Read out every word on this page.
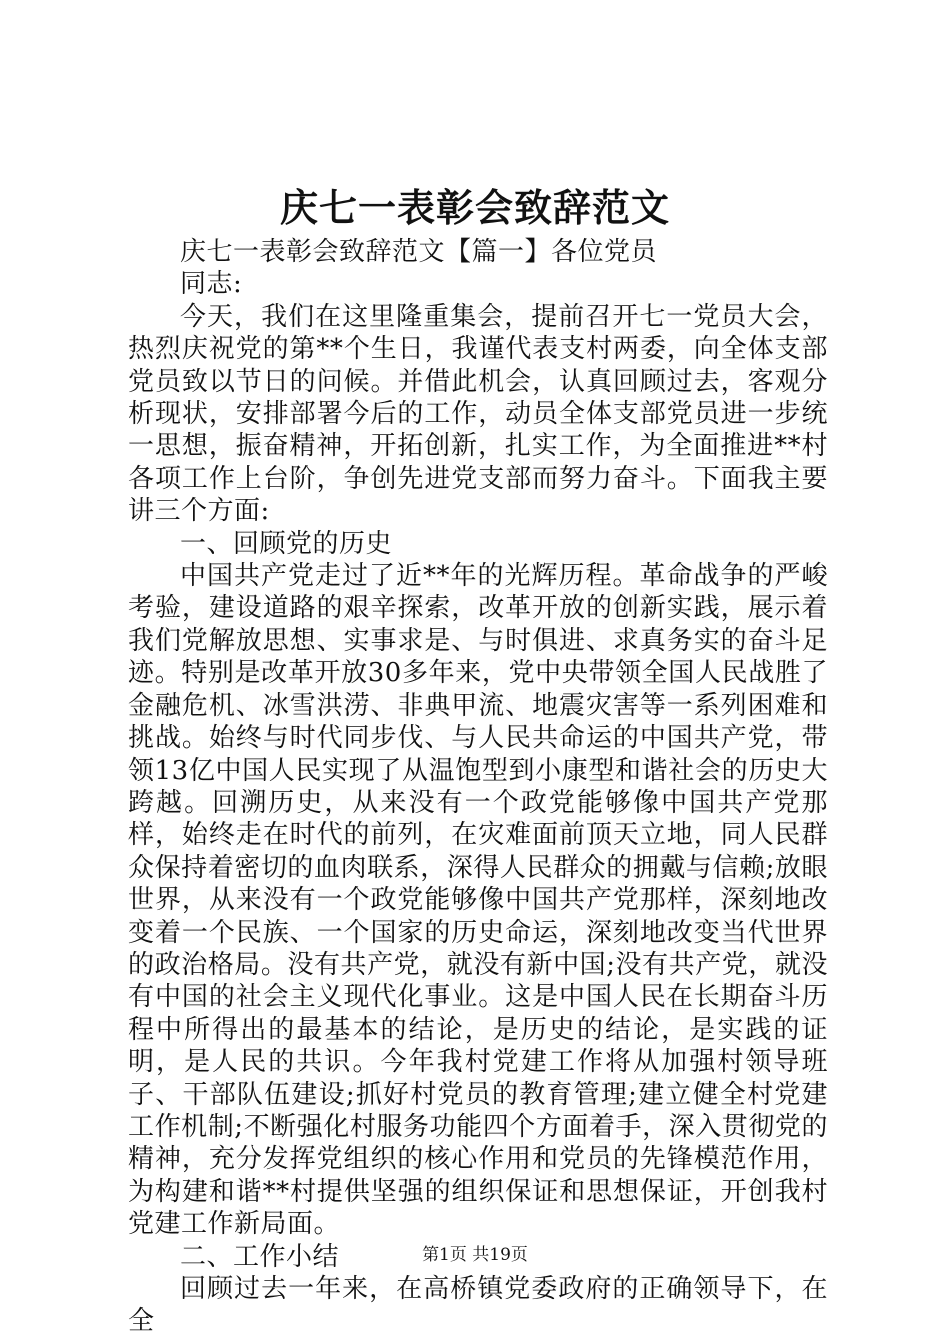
庆七一表彰会致辞范文

庆七一表彰会致辞范文【篇一】各位党员

同志:

今天，我们在这里隆重集会，提前召开七一党员大会，热烈庆祝党的第**个生日，我谨代表支村两委，向全体支部党员致以节日的问候。并借此机会，认真回顾过去，客观分析现状，安排部署今后的工作，动员全体支部党员进一步统一思想，振奋精神，开拓创新，扎实工作，为全面推进**村各项工作上台阶，争创先进党支部而努力奋斗。下面我主要讲三个方面:

一、回顾党的历史

中国共产党走过了近**年的光辉历程。革命战争的严峻考验，建设道路的艰辛探索，改革开放的创新实践，展示着我们党解放思想、实事求是、与时俱进、求真务实的奋斗足迹。特别是改革开放30多年来，党中央带领全国人民战胜了金融危机、冰雪洪涝、非典甲流、地震灾害等一系列困难和挑战。始终与时代同步伐、与人民共命运的中国共产党，带领13亿中国人民实现了从温饱型到小康型和谐社会的历史大跨越。回溯历史，从来没有一个政党能够像中国共产党那样，始终走在时代的前列，在灾难面前顶天立地，同人民群众保持着密切的血肉联系，深得人民群众的拥戴与信赖;放眼世界，从来没有一个政党能够像中国共产党那样，深刻地改变着一个民族、一个国家的历史命运，深刻地改变当代世界的政治格局。没有共产党，就没有新中国;没有共产党，就没有中国的社会主义现代化事业。这是中国人民在长期奋斗历程中所得出的最基本的结论，是历史的结论，是实践的证明，是人民的共识。今年我村党建工作将从加强村领导班子、干部队伍建设;抓好村党员的教育管理;建立健全村党建工作机制;不断强化村服务功能四个方面着手，深入贯彻党的精神，充分发挥党组织的核心作用和党员的先锋模范作用，为构建和谐**村提供坚强的组织保证和思想保证，开创我村党建工作新局面。

二、工作小结

回顾过去一年来，在高桥镇党委政府的正确领导下，在全

第1页 共19页
